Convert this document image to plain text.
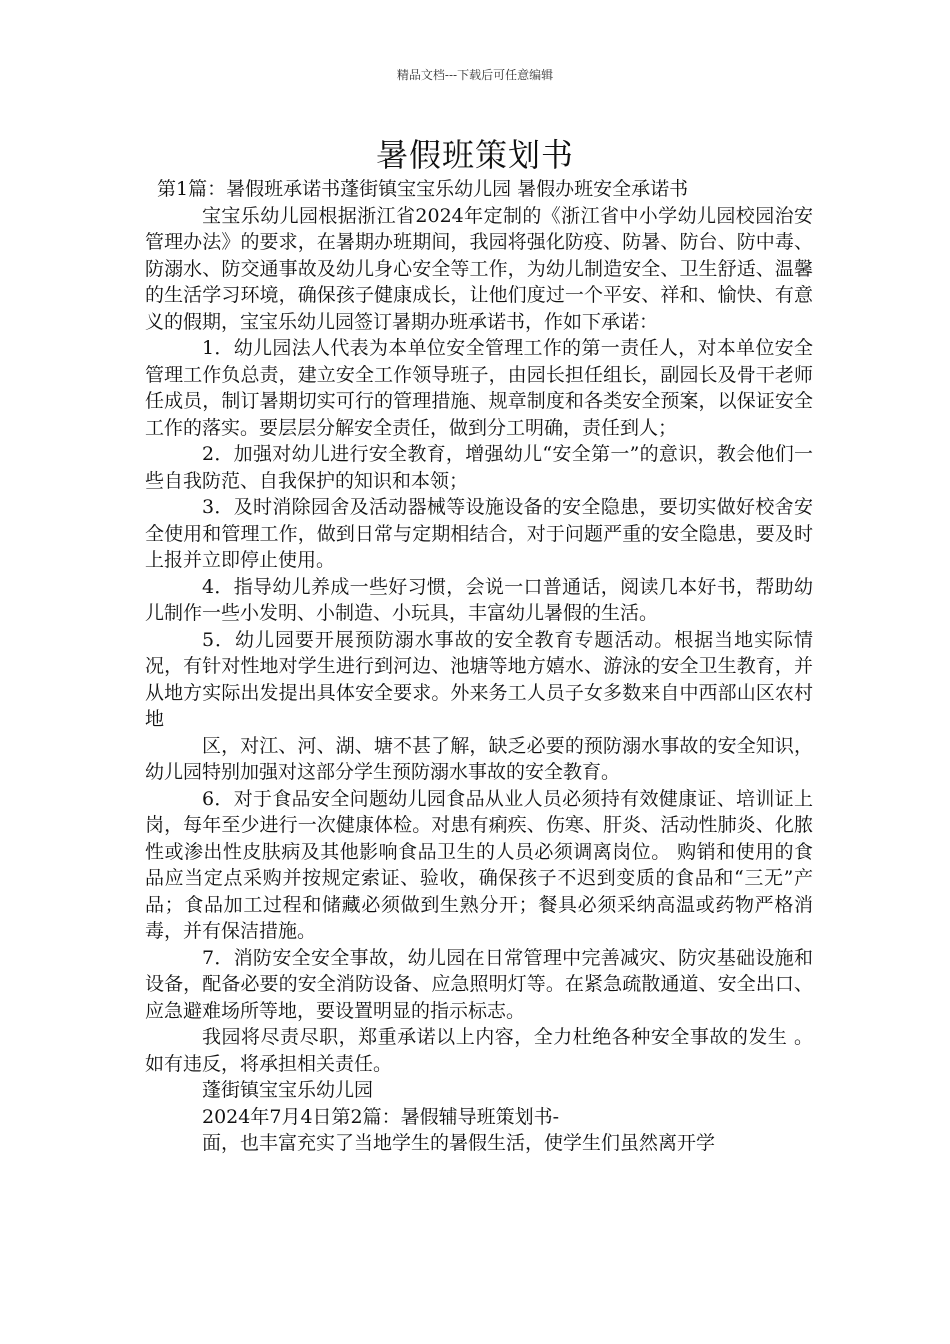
精品文档---下载后可任意编辑
暑假班策划书

第1篇：暑假班承诺书蓬街镇宝宝乐幼儿园 暑假办班安全承诺书

宝宝乐幼儿园根据浙江省2024年定制的《浙江省中小学幼儿园校园治安管理办法》的要求，在暑期办班期间，我园将强化防疫、防暑、防台、防中毒、防溺水、防交通事故及幼儿身心安全等工作，为幼儿制造安全、卫生舒适、温馨的生活学习环境，确保孩子健康成长，让他们度过一个平安、祥和、愉快、有意义的假期，宝宝乐幼儿园签订暑期办班承诺书，作如下承诺：

1．幼儿园法人代表为本单位安全管理工作的第一责任人，对本单位安全管理工作负总责，建立安全工作领导班子，由园长担任组长，副园长及骨干老师任成员，制订暑期切实可行的管理措施、规章制度和各类安全预案，以保证安全工作的落实。要层层分解安全责任，做到分工明确，责任到人；

2．加强对幼儿进行安全教育，增强幼儿“安全第一”的意识，教会他们一些自我防范、自我保护的知识和本领；

3．及时消除园舍及活动器械等设施设备的安全隐患，要切实做好校舍安全使用和管理工作，做到日常与定期相结合，对于问题严重的安全隐患，要及时上报并立即停止使用。

4．指导幼儿养成一些好习惯，会说一口普通话，阅读几本好书，帮助幼儿制作一些小发明、小制造、小玩具，丰富幼儿暑假的生活。

5．幼儿园要开展预防溺水事故的安全教育专题活动。根据当地实际情况，有针对性地对学生进行到河边、池塘等地方嬉水、游泳的安全卫生教育，并从地方实际出发提出具体安全要求。外来务工人员子女多数来自中西部山区农村地

区，对江、河、湖、塘不甚了解，缺乏必要的预防溺水事故的安全知识，幼儿园特别加强对这部分学生预防溺水事故的安全教育。

6．对于食品安全问题幼儿园食品从业人员必须持有效健康证、培训证上岗，每年至少进行一次健康体检。对患有痢疾、伤寒、肝炎、活动性肺炎、化脓性或渗出性皮肤病及其他影响食品卫生的人员必须调离岗位。 购销和使用的食品应当定点采购并按规定索证、验收，确保孩子不迟到变质的食品和“三无”产品；食品加工过程和储藏必须做到生熟分开；餐具必须采纳高温或药物严格消毒，并有保洁措施。

7．消防安全安全事故，幼儿园在日常管理中完善减灾、防灾基础设施和设备，配备必要的安全消防设备、应急照明灯等。在紧急疏散通道、安全出口、应急避难场所等地，要设置明显的指示标志。

我园将尽责尽职，郑重承诺以上内容，全力杜绝各种安全事故的发生 。如有违反，将承担相关责任。

蓬街镇宝宝乐幼儿园

2024年7月4日第2篇：暑假辅导班策划书-

面，也丰富充实了当地学生的暑假生活，使学生们虽然离开学
